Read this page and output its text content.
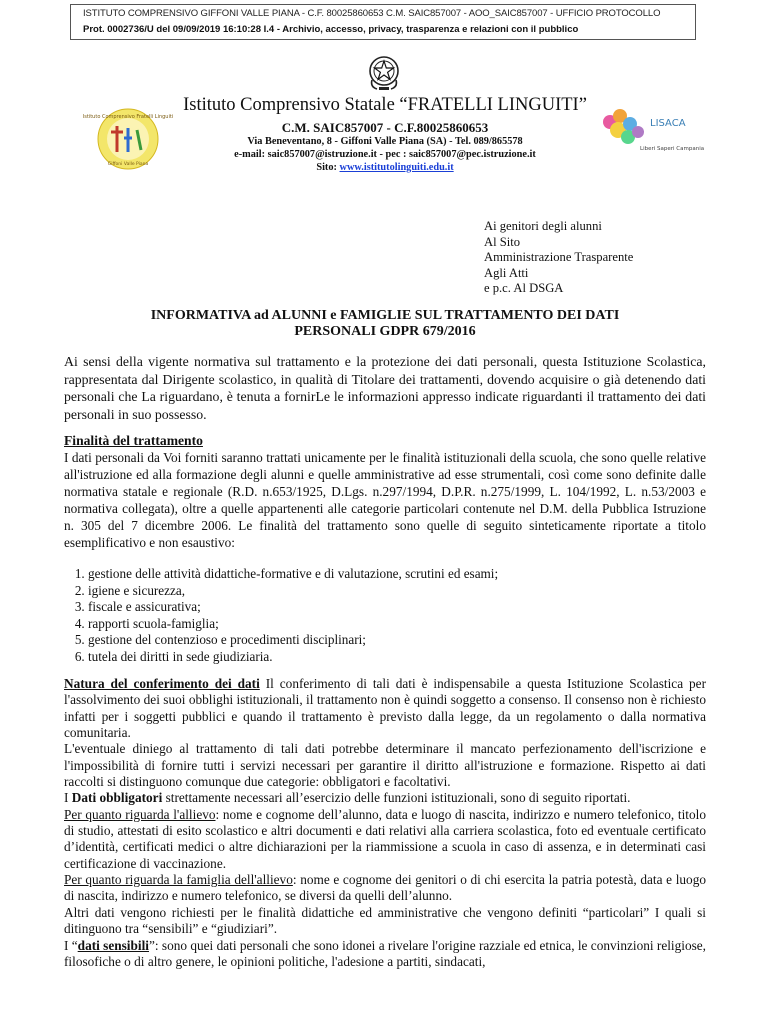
ISTITUTO COMPRENSIVO GIFFONI VALLE PIANA - C.F. 80025860653 C.M. SAIC857007 - AOO_SAIC857007 - UFFICIO PROTOCOLLO
Prot. 0002736/U del 09/09/2019 16:10:28 I.4 - Archivio, accesso, privacy, trasparenza e relazioni con il pubblico
Istituto Comprensivo Fratelli Linguiti
Giffoni Valle Piana
LISACA
Liberi Saperi Campania
Istituto Comprensivo Statale “FRATELLI LINGUITI”
C.M. SAIC857007 - C.F.80025860653
Via Beneventano, 8 - Giffoni Valle Piana (SA) - Tel. 089/865578
e-mail: saic857007@istruzione.it - pec : saic857007@pec.istruzione.it
Sito: www.istitutolinguiti.edu.it
Ai genitori degli alunni
Al Sito
Amministrazione Trasparente
Agli Atti
e p.c. Al DSGA
INFORMATIVA ad ALUNNI e FAMIGLIE SUL TRATTAMENTO DEI DATI
PERSONALI GDPR 679/2016
Ai sensi della vigente normativa sul trattamento e la protezione dei dati personali, questa Istituzione Scolastica, rappresentata dal Dirigente scolastico, in qualità di Titolare dei trattamenti, dovendo acquisire o già detenendo dati personali che La riguardano, è tenuta a fornirLe le informazioni appresso indicate riguardanti il trattamento dei dati personali in suo possesso.
Finalità del trattamento

I dati personali da Voi forniti saranno trattati unicamente per le finalità istituzionali della scuola, che sono quelle relative all'istruzione ed alla formazione degli alunni e quelle amministrative ad esse strumentali, così come sono definite dalle normativa statale e regionale (R.D. n.653/1925, D.Lgs. n.297/1994, D.P.R. n.275/1999, L. 104/1992, L. n.53/2003 e normativa collegata), oltre a quelle appartenenti alle categorie particolari contenute nel D.M. della Pubblica Istruzione n. 305 del 7 dicembre 2006. Le finalità del trattamento sono quelle di seguito sinteticamente riportate a titolo esemplificativo e non esaustivo:

1. gestione delle attività didattiche-formative e di valutazione, scrutini ed esami;
2. igiene e sicurezza,
3. fiscale e assicurativa;
4. rapporti scuola-famiglia;
5. gestione del contenzioso e procedimenti disciplinari;
6. tutela dei diritti in sede giudiziaria.

Natura del conferimento dei dati Il conferimento di tali dati è indispensabile a questa Istituzione Scolastica per l'assolvimento dei suoi obblighi istituzionali, il trattamento non è quindi soggetto a consenso. Il consenso non è richiesto infatti per i soggetti pubblici e quando il trattamento è previsto dalla legge, da un regolamento o dalla normativa comunitaria.

L'eventuale diniego al trattamento di tali dati potrebbe determinare il mancato perfezionamento dell'iscrizione e l'impossibilità di fornire tutti i servizi necessari per garantire il diritto all'istruzione e formazione. Rispetto ai dati raccolti si distinguono comunque due categorie: obbligatori e facoltativi.

I Dati obbligatori strettamente necessari all’esercizio delle funzioni istituzionali, sono di seguito riportati.

Per quanto riguarda l'allievo: nome e cognome dell’alunno, data e luogo di nascita, indirizzo e numero telefonico, titolo di studio, attestati di esito scolastico e altri documenti e dati relativi alla carriera scolastica, foto ed eventuale certificato d’identità, certificati medici o altre dichiarazioni per la riammissione a scuola in caso di assenza, e in determinati casi certificazione di vaccinazione.

Per quanto riguarda la famiglia dell'allievo: nome e cognome dei genitori o di chi esercita la patria potestà, data e luogo di nascita, indirizzo e numero telefonico, se diversi da quelli dell’alunno.

Altri dati vengono richiesti per le finalità didattiche ed amministrative che vengono definiti “particolari” I quali si ditinguono tra “sensibili” e “giudiziari”.

I “dati sensibili”: sono quei dati personali che sono idonei a rivelare l'origine razziale ed etnica, le convinzioni religiose, filosofiche o di altro genere, le opinioni politiche, l'adesione a partiti, sindacati,
